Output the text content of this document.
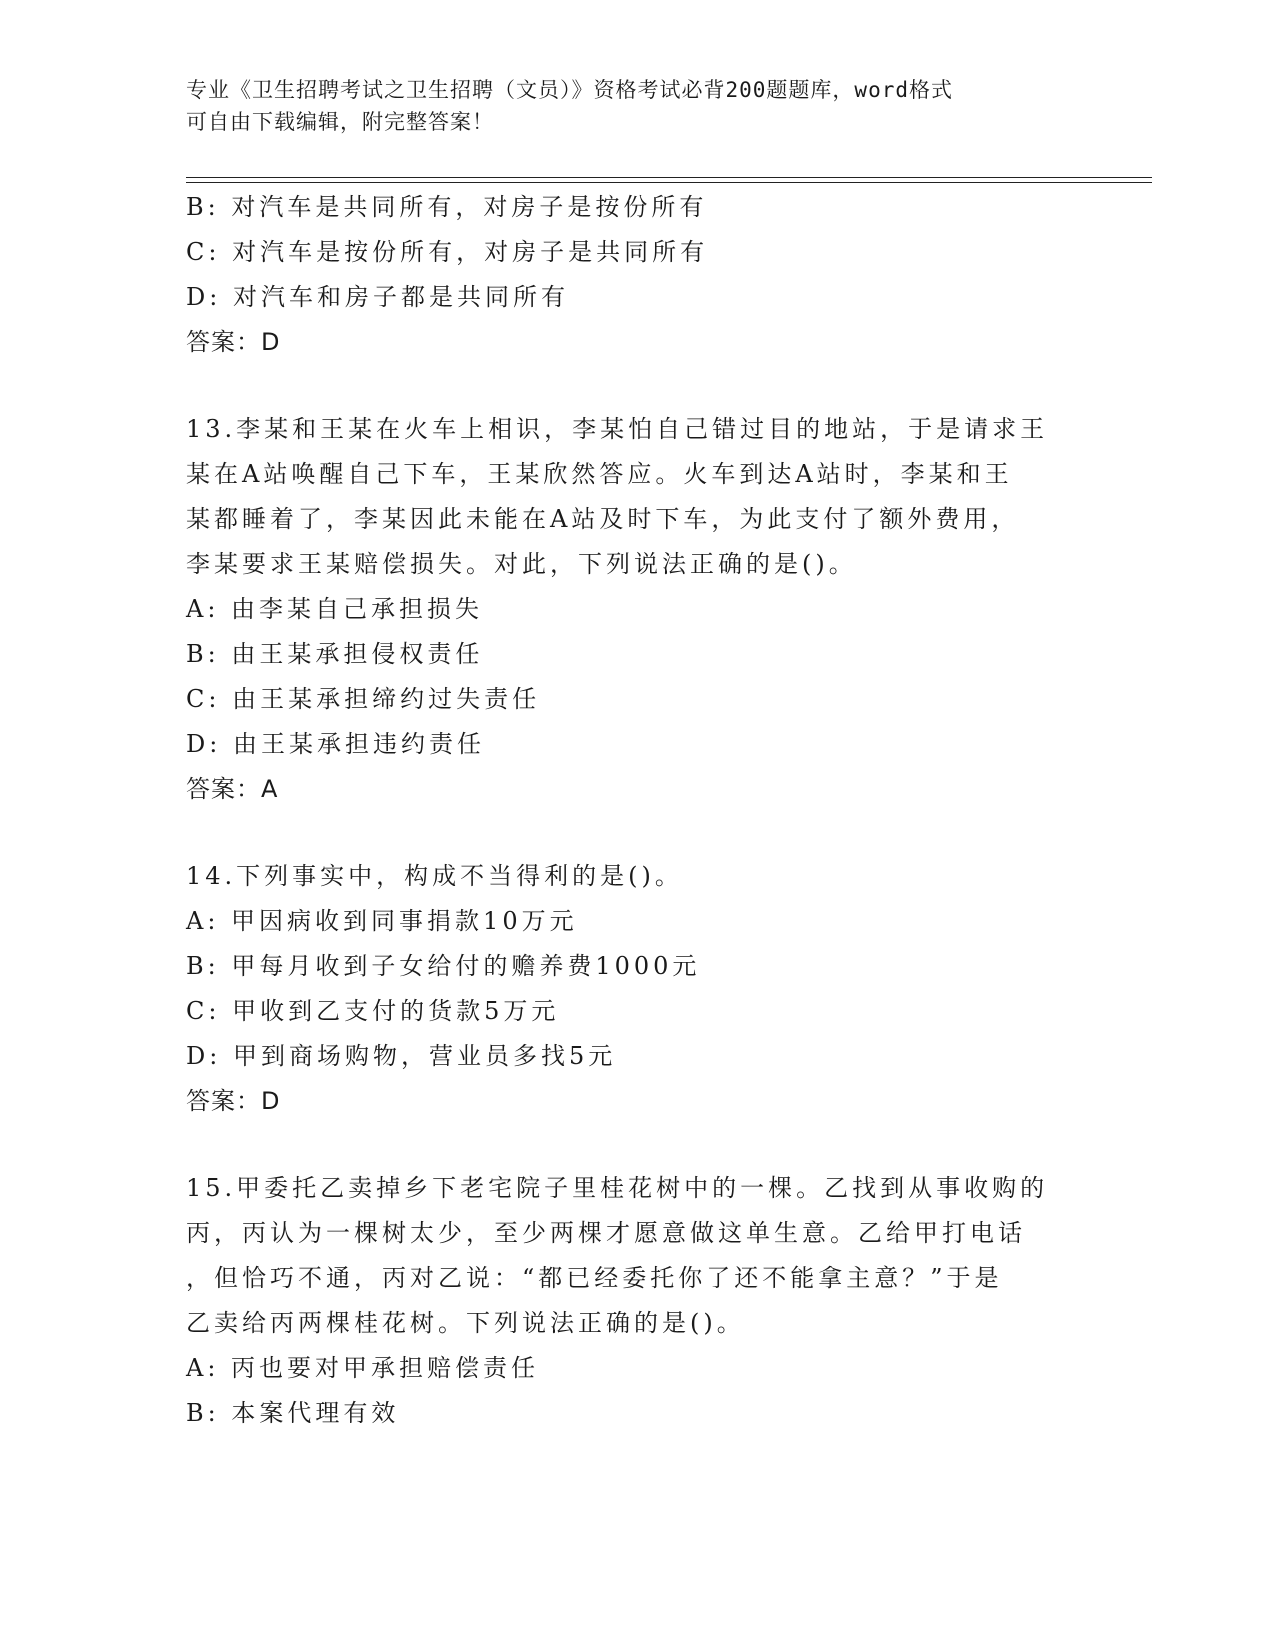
专业《卫生招聘考试之卫生招聘（文员）》资格考试必背200题题库，word格式

可自由下载编辑，附完整答案！

B: 对汽车是共同所有，对房子是按份所有
C: 对汽车是按份所有，对房子是共同所有
D: 对汽车和房子都是共同所有
答案：D
13.李某和王某在火车上相识，李某怕自己错过目的地站，于是请求王
某在A站唤醒自己下车，王某欣然答应。火车到达A站时，李某和王
某都睡着了，李某因此未能在A站及时下车，为此支付了额外费用，
李某要求王某赔偿损失。对此，下列说法正确的是()。
A: 由李某自己承担损失
B: 由王某承担侵权责任
C: 由王某承担缔约过失责任
D: 由王某承担违约责任
答案：A
14.下列事实中，构成不当得利的是()。
A: 甲因病收到同事捐款10万元
B: 甲每月收到子女给付的赡养费1000元
C: 甲收到乙支付的货款5万元
D: 甲到商场购物，营业员多找5元
答案：D
15.甲委托乙卖掉乡下老宅院子里桂花树中的一棵。乙找到从事收购的
丙，丙认为一棵树太少，至少两棵才愿意做这单生意。乙给甲打电话
，但恰巧不通，丙对乙说：“都已经委托你了还不能拿主意？”于是
乙卖给丙两棵桂花树。下列说法正确的是()。
A: 丙也要对甲承担赔偿责任
B: 本案代理有效
